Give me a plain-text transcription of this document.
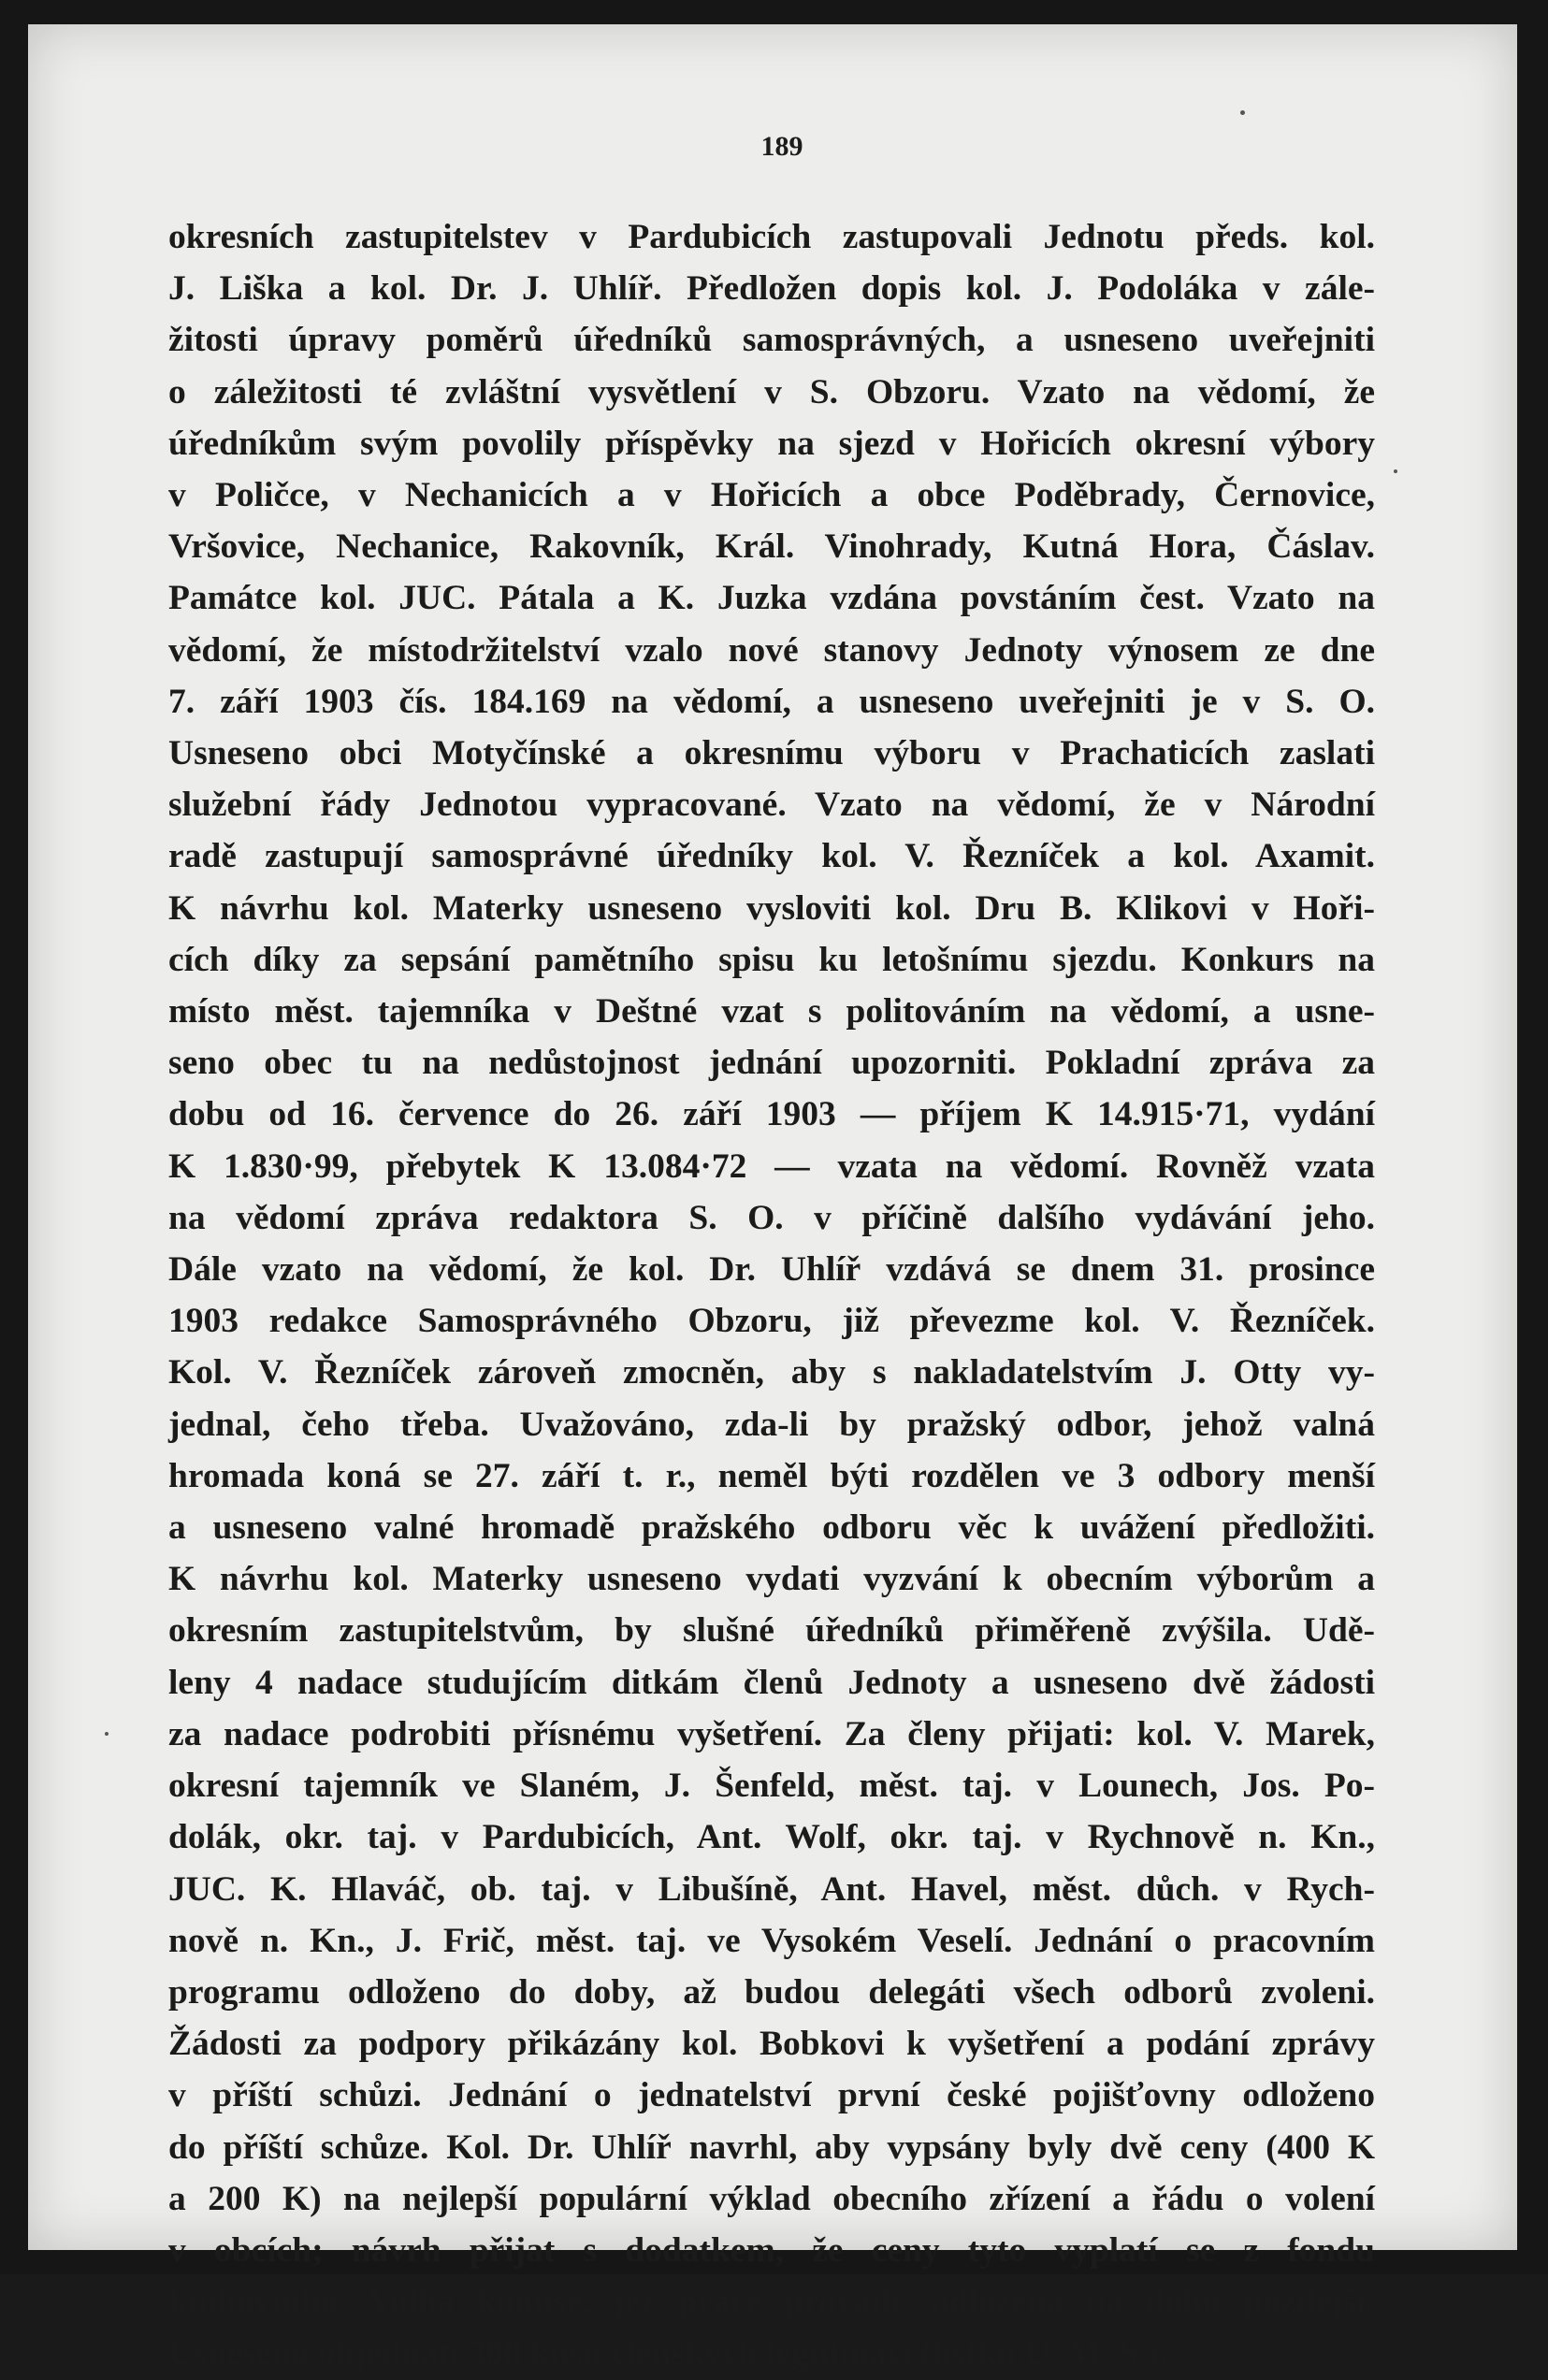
189
okresních zastupitelstev v Pardubicích zastupovali Jednotu předs. kol.
J. Liška a kol. Dr. J. Uhlíř. Předložen dopis kol. J. Podoláka v zále-
žitosti úpravy poměrů úředníků samosprávných, a usneseno uveřejniti
o záležitosti té zvláštní vysvětlení v S. Obzoru. Vzato na vědomí, že
úředníkům svým povolily příspěvky na sjezd v Hořicích okresní výbory
v Poličce, v Nechanicích a v Hořicích a obce Poděbrady, Černovice,
Vršovice, Nechanice, Rakovník, Král. Vinohrady, Kutná Hora, Čáslav.
Památce kol. JUC. Pátala a K. Juzka vzdána povstáním čest. Vzato na
vědomí, že místodržitelství vzalo nové stanovy Jednoty výnosem ze dne
7. září 1903 čís. 184.169 na vědomí, a usneseno uveřejniti je v S. O.
Usneseno obci Motyčínské a okresnímu výboru v Prachaticích zaslati
služební řády Jednotou vypracované. Vzato na vědomí, že v Národní
radě zastupují samosprávné úředníky kol. V. Řezníček a kol. Axamit.
K návrhu kol. Materky usneseno vysloviti kol. Dru B. Klikovi v Hoři-
cích díky za sepsání pamětního spisu ku letošnímu sjezdu. Konkurs na
místo měst. tajemníka v Deštné vzat s politováním na vědomí, a usne-
seno obec tu na nedůstojnost jednání upozorniti. Pokladní zpráva za
dobu od 16. července do 26. září 1903 — příjem K 14.915·71, vydání
K 1.830·99, přebytek K 13.084·72 — vzata na vědomí. Rovněž vzata
na vědomí zpráva redaktora S. O. v příčině dalšího vydávání jeho.
Dále vzato na vědomí, že kol. Dr. Uhlíř vzdává se dnem 31. prosince
1903 redakce Samosprávného Obzoru, již převezme kol. V. Řezníček.
Kol. V. Řezníček zároveň zmocněn, aby s nakladatelstvím J. Otty vy-
jednal, čeho třeba. Uvažováno, zda-li by pražský odbor, jehož valná
hromada koná se 27. září t. r., neměl býti rozdělen ve 3 odbory menší
a usneseno valné hromadě pražského odboru věc k uvážení předložiti.
K návrhu kol. Materky usneseno vydati vyzvání k obecním výborům a
okresním zastupitelstvům, by slušné úředníků přiměřeně zvýšila. Udě-
leny 4 nadace studujícím ditkám členů Jednoty a usneseno dvě žádosti
za nadace podrobiti přísnému vyšetření. Za členy přijati: kol. V. Marek,
okresní tajemník ve Slaném, J. Šenfeld, měst. taj. v Lounech, Jos. Po-
dolák, okr. taj. v Pardubicích, Ant. Wolf, okr. taj. v Rychnově n. Kn.,
JUC. K. Hlaváč, ob. taj. v Libušíně, Ant. Havel, měst. důch. v Rych-
nově n. Kn., J. Frič, měst. taj. ve Vysokém Veselí. Jednání o pracovním
programu odloženo do doby, až budou delegáti všech odborů zvoleni.
Žádosti za podpory přikázány kol. Bobkovi k vyšetření a podání zprávy
v příští schůzi. Jednání o jednatelství první české pojišťovny odloženo
do příští schůze. Kol. Dr. Uhlíř navrhl, aby vypsány byly dvě ceny (400 K
a 200 K) na nejlepší populární výklad obecního zřízení a řádu o volení
v obcích; návrh přijat s dodatkem, že ceny tyto vyplatí se z fondu
knihovního. Volba komise, jež práce provádí, odložena na dobu pozdější.
Usneseno objednati 300 kusů členských legitimací (lístků Ú. M. Š.).
